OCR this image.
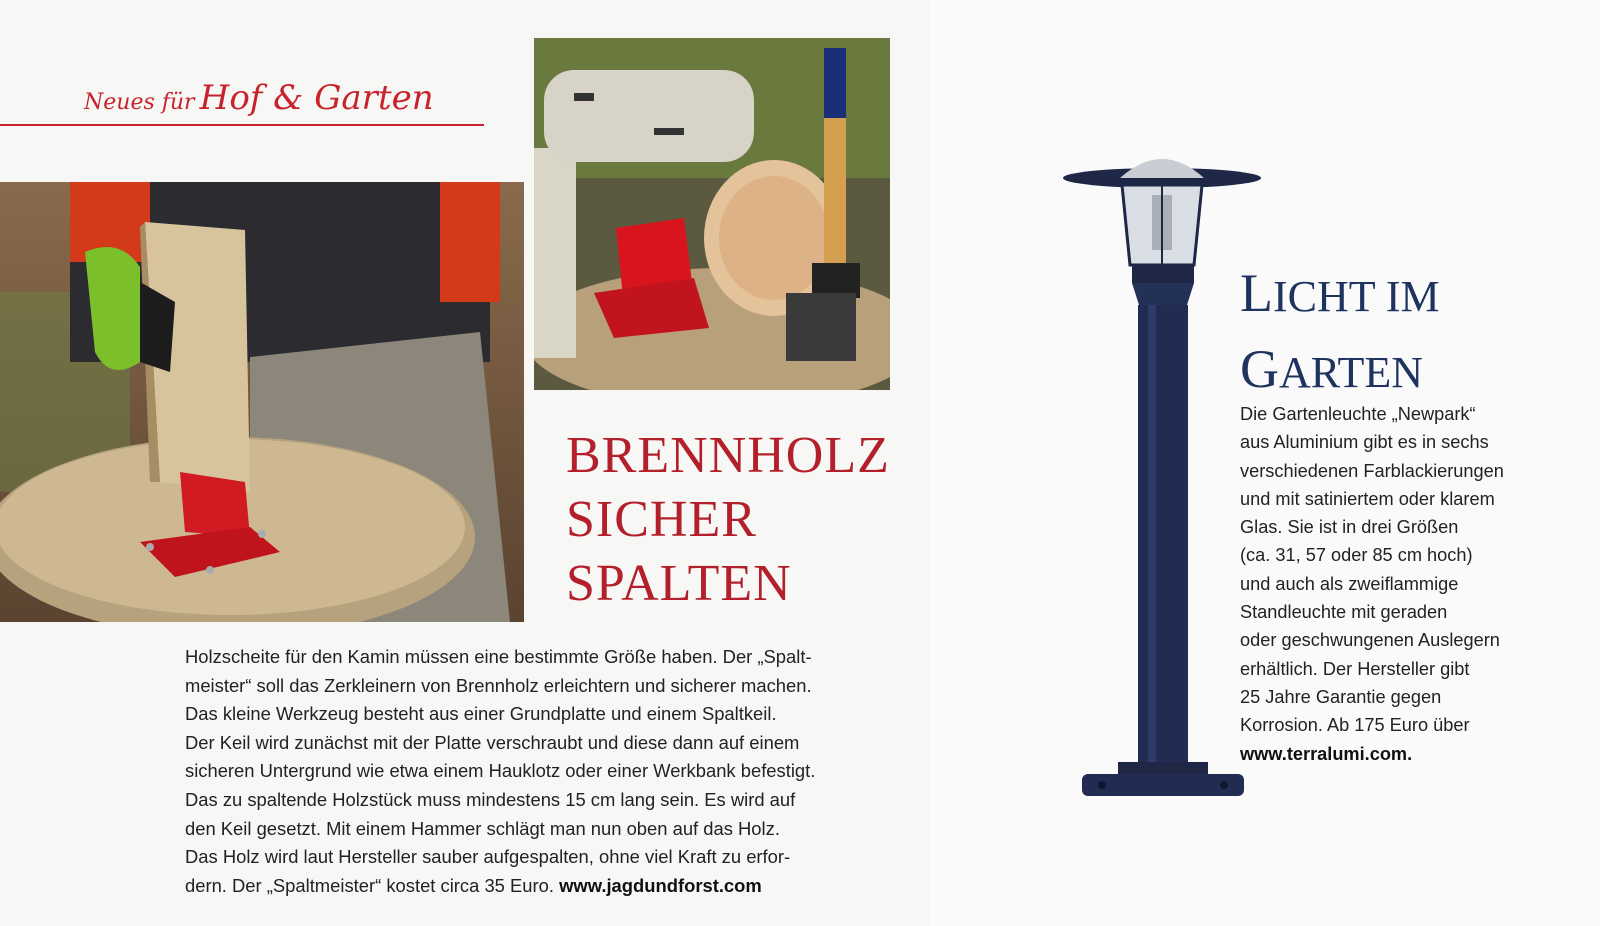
Neues für Hof & Garten
BRENNHOLZ
SICHER
SPALTEN
Holzscheite für den Kamin müssen eine bestimmte Größe haben. Der „Spalt-
meister“ soll das Zerkleinern von Brennholz erleichtern und sicherer machen.
Das kleine Werkzeug besteht aus einer Grundplatte und einem Spaltkeil.
Der Keil wird zunächst mit der Platte verschraubt und diese dann auf einem
sicheren Untergrund wie etwa einem Hauklotz oder einer Werkbank befestigt.
Das zu spaltende Holzstück muss mindestens 15 cm lang sein. Es wird auf
den Keil gesetzt. Mit einem Hammer schlägt man nun oben auf das Holz.
Das Holz wird laut Hersteller sauber aufgespalten, ohne viel Kraft zu erfor-
dern. Der „Spaltmeister“ kostet circa 35 Euro. www.jagdundforst.com
LICHT IM
GARTEN
Die Gartenleuchte „Newpark“
aus Aluminium gibt es in sechs
verschiedenen Farblackierungen
und mit satiniertem oder klarem
Glas. Sie ist in drei Größen
(ca. 31, 57 oder 85 cm hoch)
und auch als zweiflammige
Standleuchte mit geraden
oder geschwungenen Auslegern
erhältlich. Der Hersteller gibt
25 Jahre Garantie gegen
Korrosion. Ab 175 Euro über
www.terralumi.com.
